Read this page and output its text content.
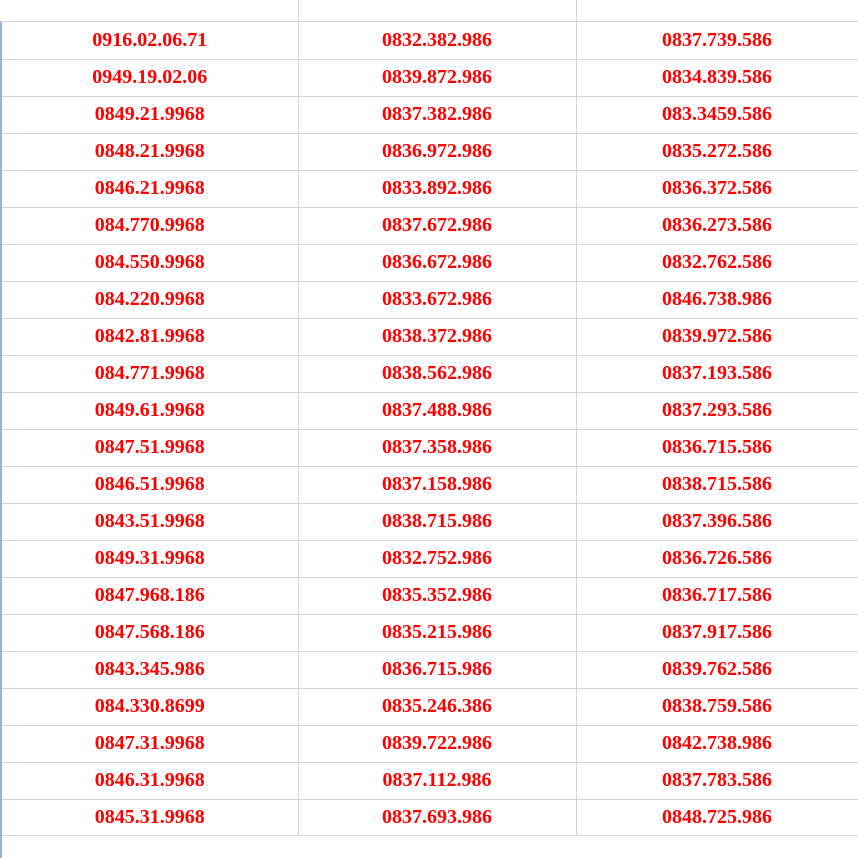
0916.02.06.71	0832.382.986	0837.739.586
0949.19.02.06	0839.872.986	0834.839.586
0849.21.9968	0837.382.986	083.3459.586
0848.21.9968	0836.972.986	0835.272.586
0846.21.9968	0833.892.986	0836.372.586
084.770.9968	0837.672.986	0836.273.586
084.550.9968	0836.672.986	0832.762.586
084.220.9968	0833.672.986	0846.738.986
0842.81.9968	0838.372.986	0839.972.586
084.771.9968	0838.562.986	0837.193.586
0849.61.9968	0837.488.986	0837.293.586
0847.51.9968	0837.358.986	0836.715.586
0846.51.9968	0837.158.986	0838.715.586
0843.51.9968	0838.715.986	0837.396.586
0849.31.9968	0832.752.986	0836.726.586
0847.968.186	0835.352.986	0836.717.586
0847.568.186	0835.215.986	0837.917.586
0843.345.986	0836.715.986	0839.762.586
084.330.8699	0835.246.386	0838.759.586
0847.31.9968	0839.722.986	0842.738.986
0846.31.9968	0837.112.986	0837.783.586
0845.31.9968	0837.693.986	0848.725.986
